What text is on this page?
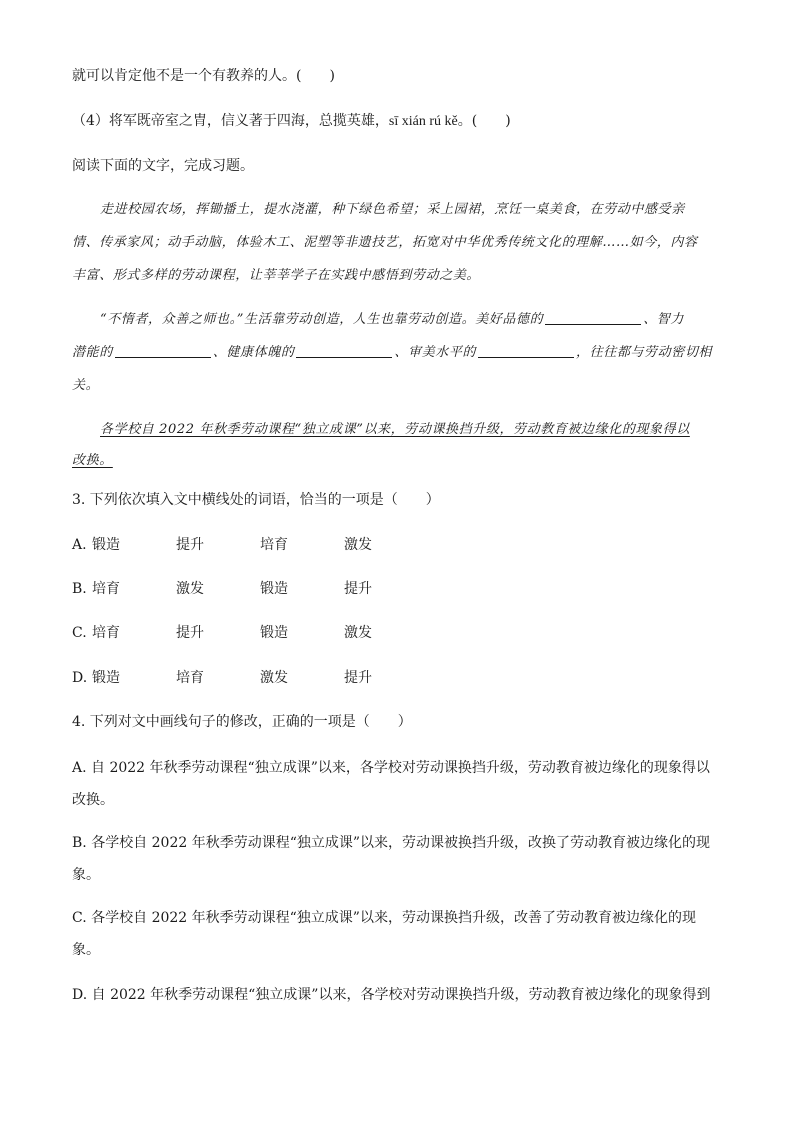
就可以肯定他不是一个有教养的人。(　　)
（4）将军既帝室之胄，信义著于四海，总揽英雄，sī xián rú kě。(　　)
阅读下面的文字，完成习题。
走进校园农场，挥锄播土，提水浇灌，种下绿色希望；采上园裙，烹饪一桌美食，在劳动中感受亲
情、传承家风；动手动脑，体验木工、泥塑等非遗技艺，拓宽对中华优秀传统文化的理解……如今，内容
丰富、形式多样的劳动课程，让莘莘学子在实践中感悟到劳动之美。
“不惰者，众善之师也。”生活靠劳动创造，人生也靠劳动创造。美好品德的	、智力
潜能的	、健康体魄的	、审美水平的	，往往都与劳动密切相
关。
各学校自 2022 年秋季劳动课程“独立成课”以来，劳动课换挡升级，劳动教育被边缘化的现象得以
改换。
3. 下列依次填入文中横线处的词语，恰当的一项是（　　）
A. 锻造	提升	培育	激发
B. 培育	激发	锻造	提升
C. 培育	提升	锻造	激发
D. 锻造	培育	激发	提升
4. 下列对文中画线句子的修改，正确的一项是（　　）
A. 自 2022 年秋季劳动课程“独立成课”以来，各学校对劳动课换挡升级，劳动教育被边缘化的现象得以
改换。
B. 各学校自 2022 年秋季劳动课程“独立成课”以来，劳动课被换挡升级，改换了劳动教育被边缘化的现
象。
C. 各学校自 2022 年秋季劳动课程“独立成课”以来，劳动课换挡升级，改善了劳动教育被边缘化的现
象。
D. 自 2022 年秋季劳动课程“独立成课”以来，各学校对劳动课换挡升级，劳动教育被边缘化的现象得到
